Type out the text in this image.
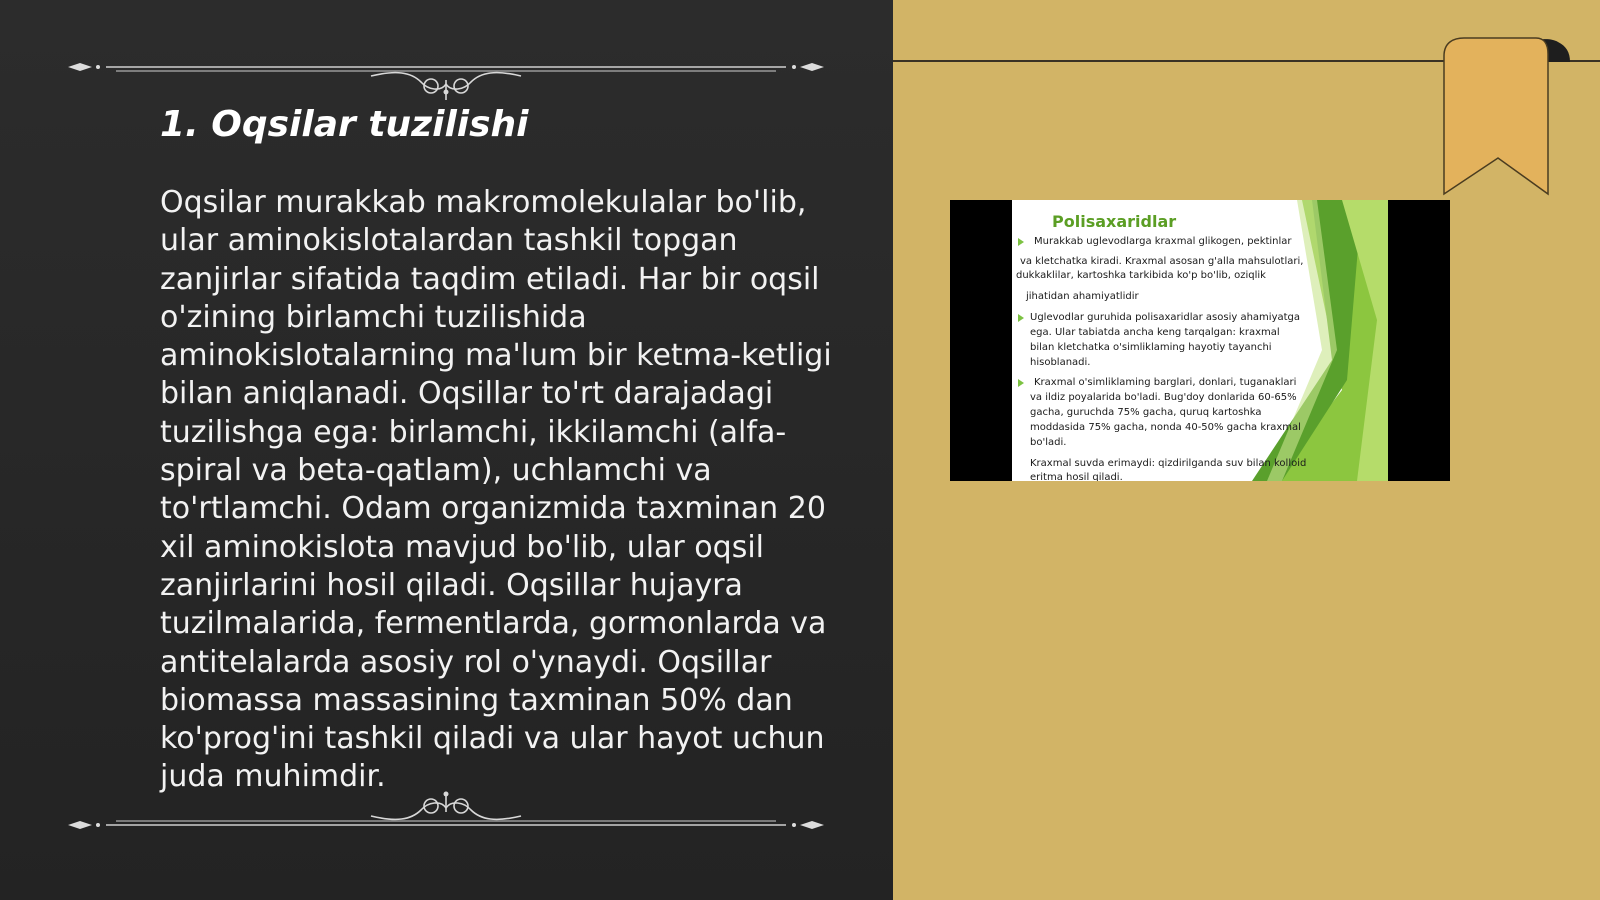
1. Oqsilar tuzilishi

Oqsilar murakkab makromolekulalar bo'lib, ular aminokislotalardan tashkil topgan zanjirlar sifatida taqdim etiladi. Har bir oqsil o'zining birlamchi tuzilishida aminokislotalarning ma'lum bir ketma-ketligi bilan aniqlanadi. Oqsillar to'rt darajadagi tuzilishga ega: birlamchi, ikkilamchi (alfa-spiral va beta-qatlam), uchlamchi va to'rtlamchi. Odam organizmida taxminan 20 xil aminokislota mavjud bo'lib, ular oqsil zanjirlarini hosil qiladi. Oqsillar hujayra tuzilmalarida, fermentlarda, gormonlarda va antitelalarda asosiy rol o'ynaydi. Oqsillar biomassa massasining taxminan 50% dan ko'prog'ini tashkil qiladi va ular hayot uchun juda muhimdir.

Polisaxaridlar

Murakkab uglevodlarga kraxmal glikogen, pektinlar

va kletchatka kiradi. Kraxmal asosan g'alla mahsulotlari,

dukkaklilar, kartoshka tarkibida ko'p bo'lib, oziqlik

jihatidan ahamiyatlidir

Uglevodlar guruhida polisaxaridlar asosiy ahamiyatga

ega. Ular tabiatda ancha keng tarqalgan: kraxmal

bilan kletchatka o'simliklaming hayotiy tayanchi

hisoblanadi.

Kraxmal o'simliklaming barglari, donlari, tuganaklari

va ildiz poyalarida bo'ladi. Bug'doy donlarida 60-65%

gacha, guruchda 75% gacha, quruq kartoshka

moddasida 75% gacha, nonda 40-50% gacha kraxmal

bo'ladi.

Kraxmal suvda erimaydi: qizdirilganda suv bilan kolloid

eritma hosil qiladi.
